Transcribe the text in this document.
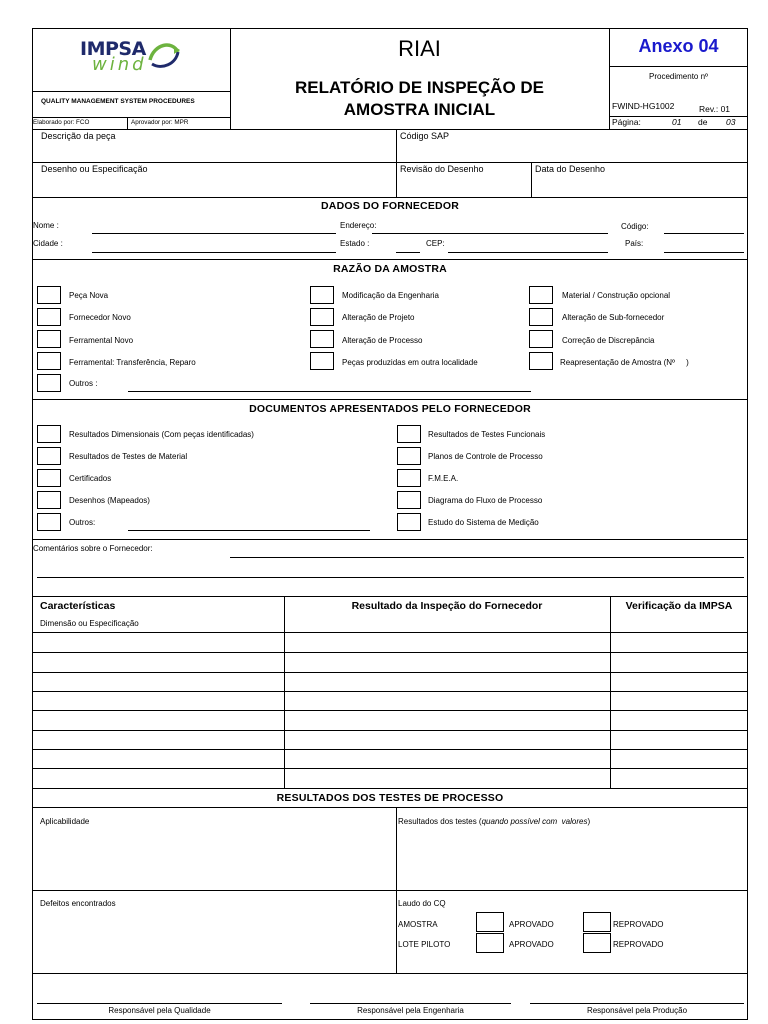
IMPSA
wind
QUALITY MANAGEMENT SYSTEM PROCEDURES
Elaborado por: FCO	Aprovador por: MPR
RIAI
RELATÓRIO DE INSPEÇÃO DE
AMOSTRA INICIAL
Anexo 04
Procedimento nº
FWIND-HG1002	Rev.: 01
Página:	01 de 03
Descrição da peça	Código SAP
Desenho ou Especificação	Revisão do Desenho	Data do Desenho
DADOS DO FORNECEDOR
Nome :	Endereço:	Código:
Cidade :	Estado :	CEP:	País:
RAZÃO DA AMOSTRA
Peça Nova
Fornecedor Novo
Ferramental Novo
Ferramental: Transferência, Reparo
Outros :
Modificação da Engenharia
Alteração de Projeto
Alteração de Processo
Peças produzidas em outra localidade
Material / Construção opcional
Alteração de Sub-fornecedor
Correção de Discrepância
Reapresentação de Amostra (Nº     )
DOCUMENTOS APRESENTADOS PELO FORNECEDOR
Resultados Dimensionais (Com peças identificadas)
Resultados de Testes de Material
Certificados
Desenhos (Mapeados)
Outros:
Resultados de Testes Funcionais
Planos de Controle de Processo
F.M.E.A.
Diagrama do Fluxo de Processo
Estudo do Sistema de Medição
Comentários sobre o Fornecedor:
Características
Dimensão ou Especificação
Resultado da Inspeção do Fornecedor	Verificação da IMPSA
RESULTADOS DOS TESTES DE PROCESSO
Aplicabilidade	Resultados dos testes (quando possível com  valores)
Defeitos encontrados	Laudo do CQ
AMOSTRA	APROVADO	REPROVADO
LOTE PILOTO	APROVADO	REPROVADO
Responsável pela Qualidade	Responsável pela Engenharia	Responsável pela Produção
